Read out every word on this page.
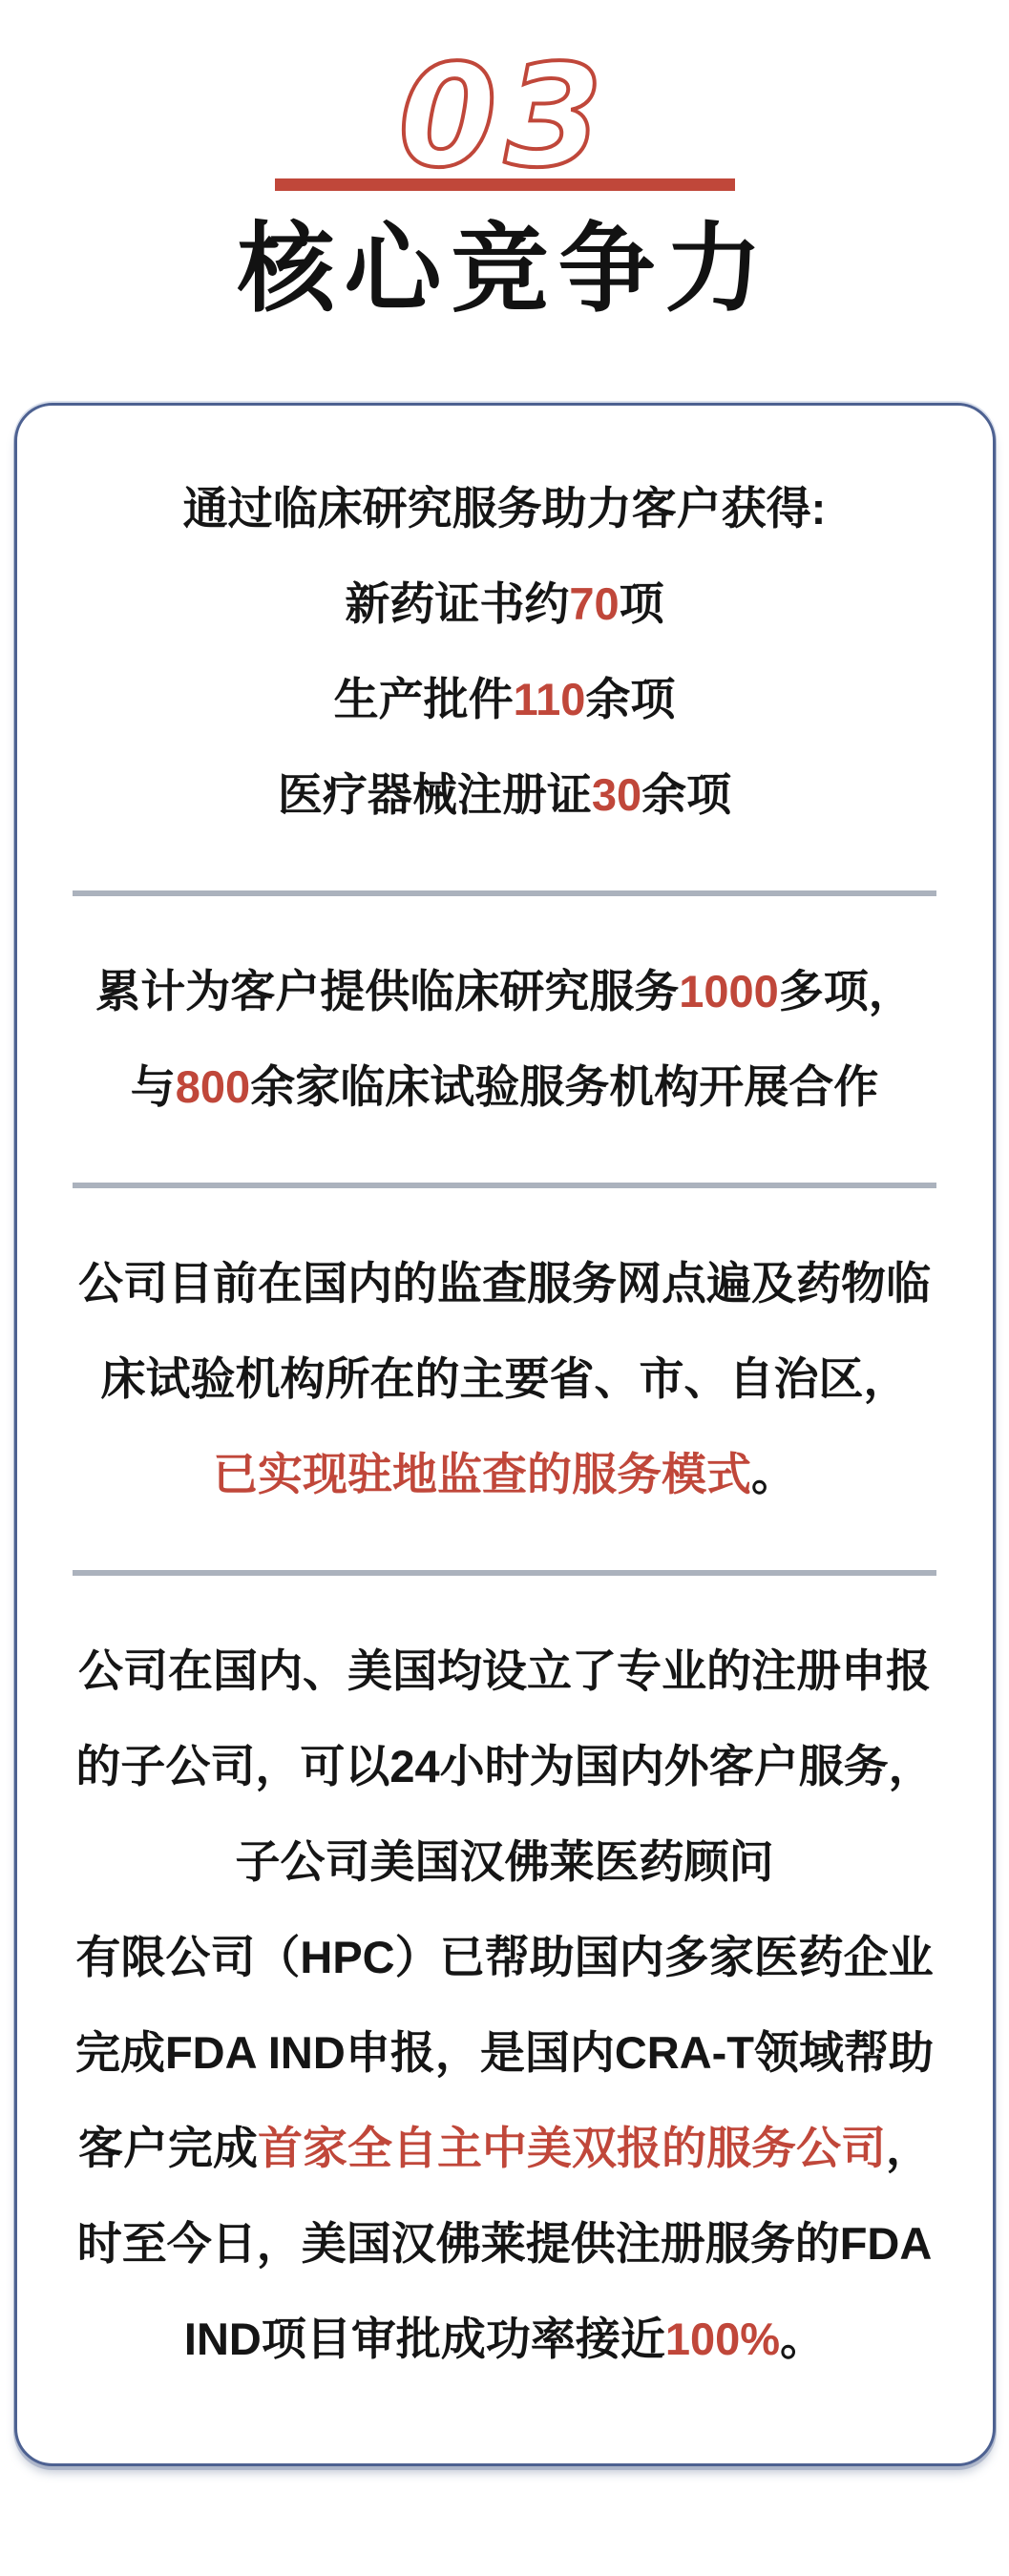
03
核心竞争力
通过临床研究服务助力客户获得:
新药证书约70项
生产批件110余项
医疗器械注册证30余项
累计为客户提供临床研究服务1000多项，
与800余家临床试验服务机构开展合作
公司目前在国内的监查服务网点遍及药物临
床试验机构所在的主要省、市、自治区，
已实现驻地监查的服务模式。
公司在国内、美国均设立了专业的注册申报
的子公司，可以24小时为国内外客户服务，
子公司美国汉佛莱医药顾问
有限公司（HPC）已帮助国内多家医药企业
完成FDA IND申报，是国内CRA-T领域帮助
客户完成首家全自主中美双报的服务公司，
时至今日，美国汉佛莱提供注册服务的FDA
IND项目审批成功率接近100%。
